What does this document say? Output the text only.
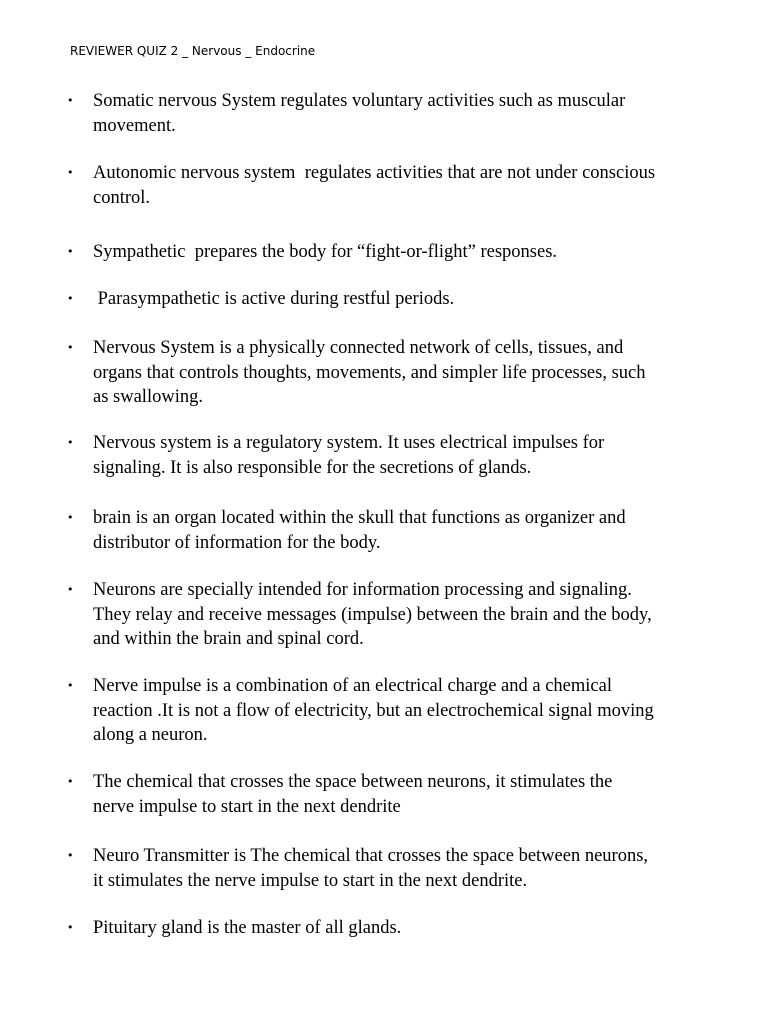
REVIEWER QUIZ 2 _ Nervous _ Endocrine
• Somatic nervous System regulates voluntary activities such as muscular
movement.
• Autonomic nervous system  regulates activities that are not under conscious
control.
• Sympathetic  prepares the body for “fight-or-flight” responses.
• Parasympathetic is active during restful periods.
• Nervous System is a physically connected network of cells, tissues, and
organs that controls thoughts, movements, and simpler life processes, such
as swallowing.
• Nervous system is a regulatory system. It uses electrical impulses for
signaling. It is also responsible for the secretions of glands.
• brain is an organ located within the skull that functions as organizer and
distributor of information for the body.
• Neurons are specially intended for information processing and signaling.
They relay and receive messages (impulse) between the brain and the body,
and within the brain and spinal cord.
• Nerve impulse is a combination of an electrical charge and a chemical
reaction .It is not a flow of electricity, but an electrochemical signal moving
along a neuron.
• The chemical that crosses the space between neurons, it stimulates the
nerve impulse to start in the next dendrite
• Neuro Transmitter is The chemical that crosses the space between neurons,
it stimulates the nerve impulse to start in the next dendrite.
• Pituitary gland is the master of all glands.
